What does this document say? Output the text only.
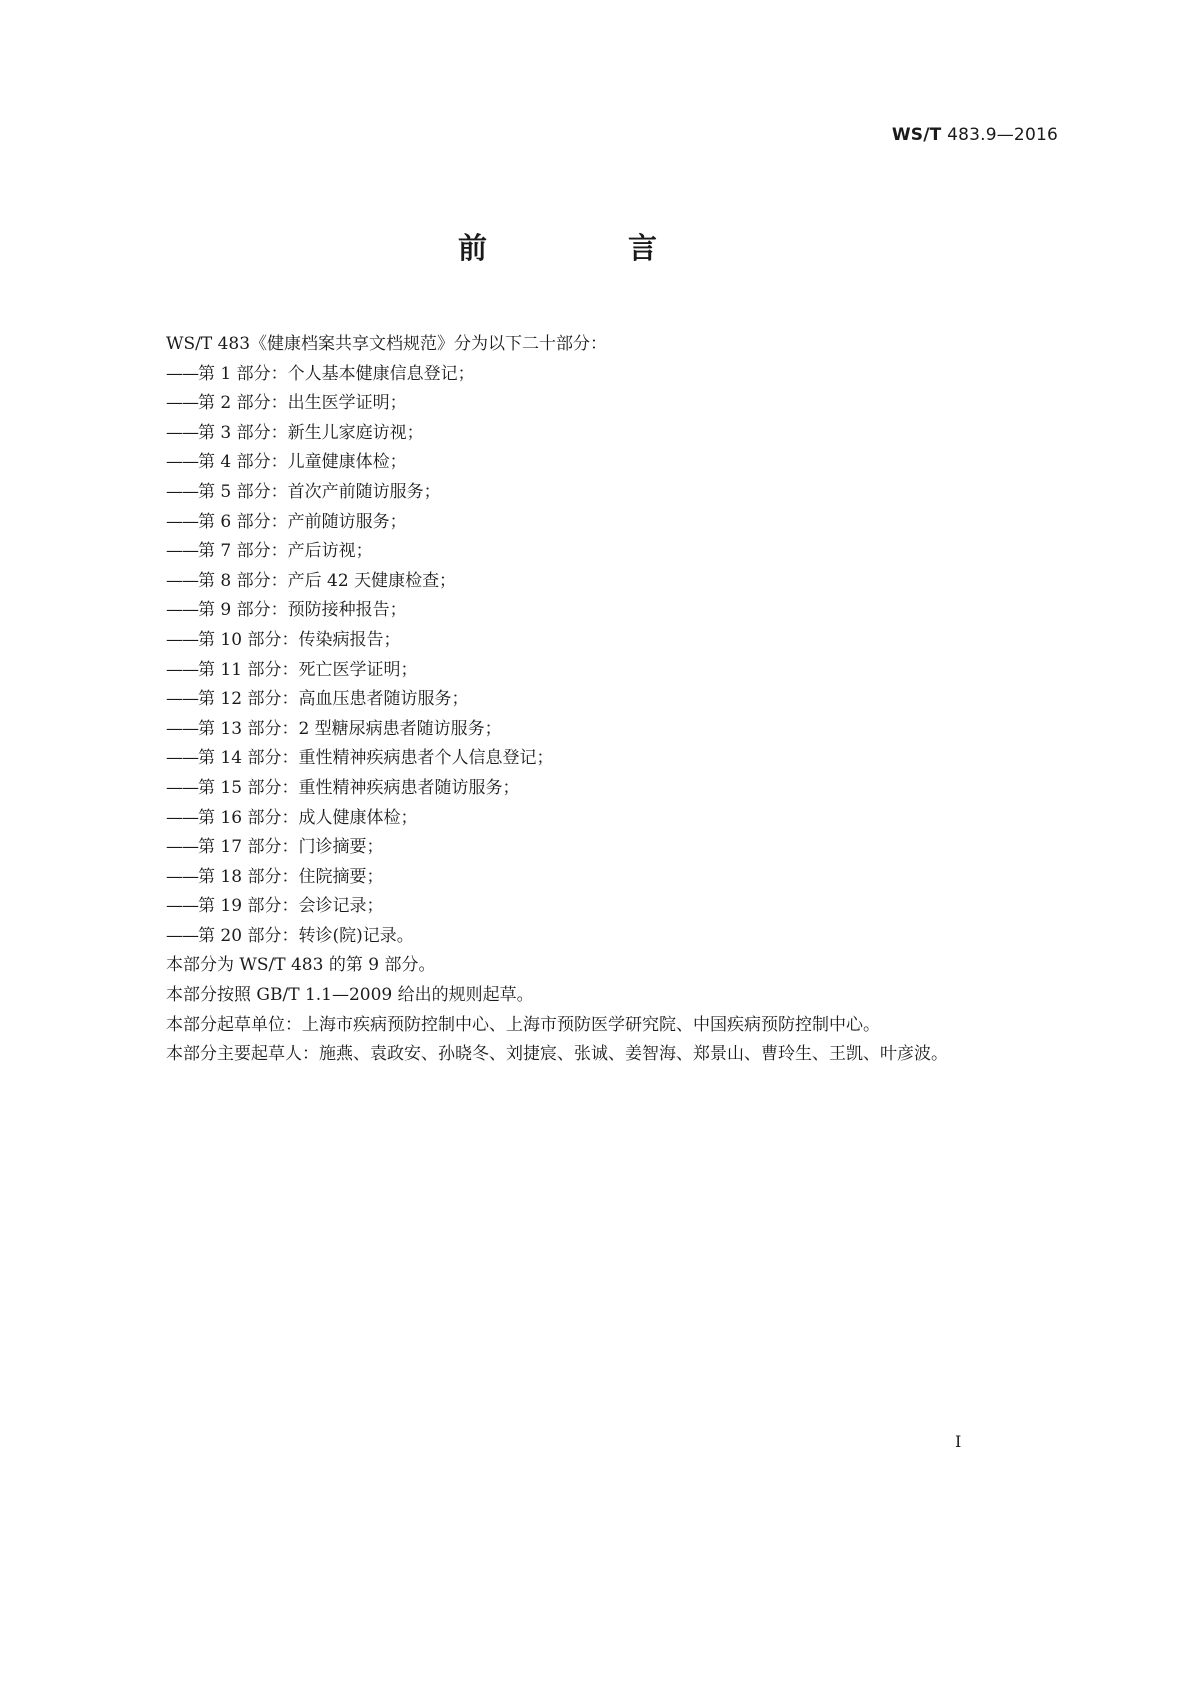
WS/T 483.9—2016
前　言

WS/T 483《健康档案共享文档规范》分为以下二十部分：

——第 1 部分：个人基本健康信息登记；

——第 2 部分：出生医学证明；

——第 3 部分：新生儿家庭访视；

——第 4 部分：儿童健康体检；

——第 5 部分：首次产前随访服务；

——第 6 部分：产前随访服务；

——第 7 部分：产后访视；

——第 8 部分：产后 42 天健康检查；

——第 9 部分：预防接种报告；

——第 10 部分：传染病报告；

——第 11 部分：死亡医学证明；

——第 12 部分：高血压患者随访服务；

——第 13 部分：2 型糖尿病患者随访服务；

——第 14 部分：重性精神疾病患者个人信息登记；

——第 15 部分：重性精神疾病患者随访服务；

——第 16 部分：成人健康体检；

——第 17 部分：门诊摘要；

——第 18 部分：住院摘要；

——第 19 部分：会诊记录；

——第 20 部分：转诊(院)记录。

本部分为 WS/T 483 的第 9 部分。

本部分按照 GB/T 1.1—2009 给出的规则起草。

本部分起草单位：上海市疾病预防控制中心、上海市预防医学研究院、中国疾病预防控制中心。

本部分主要起草人：施燕、袁政安、孙晓冬、刘捷宸、张诚、姜智海、郑景山、曹玲生、王凯、叶彦波。

I
